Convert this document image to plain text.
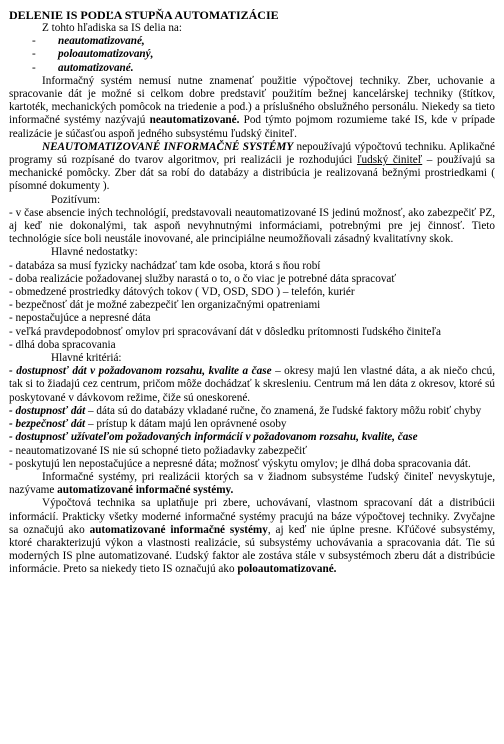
DELENIE IS PODĽA STUPŇA AUTOMATIZÁCIE

Z tohto hľadiska sa IS delia na:

-	neautomatizované,
-	poloautomatizovaný,
-	automatizované.

Informačný systém nemusí nutne znamenať použitie výpočtovej techniky. Zber, uchovanie a spracovanie dát je možné si celkom dobre predstaviť použitím bežnej kancelárskej techniky (štítkov, kartoték, mechanických pomôcok na triedenie a pod.) a príslušného obslužného personálu. Niekedy sa tieto informačné systémy nazývajú neautomatizované. Pod týmto pojmom rozumieme také IS, kde v prípade realizácie je súčasťou aspoň jedného subsystému ľudský činiteľ.

NEAUTOMATIZOVANÉ INFORMAČNÉ SYSTÉMY nepoužívajú výpočtovú techniku. Aplikačné programy sú rozpísané do tvarov algoritmov, pri realizácii je rozhodujúci ľudský činiteľ – používajú sa mechanické pomôcky. Zber dát sa robí do databázy a distribúcia je realizovaná bežnými prostriedkami ( písomné dokumenty ).

Pozitívum:

- v čase absencie iných technológií, predstavovali neautomatizované IS jedinú možnosť, ako zabezpečiť PZ, aj keď nie dokonalými, tak aspoň nevyhnutnými informáciami, potrebnými pre jej činnosť. Tieto technológie síce boli neustále inovované, ale principiálne neumožňovali zásadný kvalitatívny skok.

Hlavné nedostatky:

- databáza sa musí fyzicky nachádzať tam kde osoba, ktorá s ňou robí

- doba realizácie požadovanej služby narastá o to, o čo viac je potrebné dáta spracovať

- obmedzené prostriedky dátových tokov ( VD, OSD, SDO ) – telefón, kuriér

- bezpečnosť dát je možné zabezpečiť len organizačnými opatreniami

- nepostačujúce a nepresné dáta

- veľká pravdepodobnosť omylov pri spracovávaní dát v dôsledku prítomnosti ľudského činiteľa

- dlhá doba spracovania

Hlavné kritériá:

- dostupnosť dát v požadovanom rozsahu, kvalite a čase – okresy majú len vlastné dáta, a ak niečo chcú, tak si to žiadajú cez centrum, pričom môže dochádzať k skresleniu. Centrum má len dáta z okresov, ktoré sú poskytované v dávkovom režime, čiže sú oneskorené.

- dostupnosť dát – dáta sú do databázy vkladané ručne, čo znamená, že ľudské faktory môžu robiť chyby

- bezpečnosť dát – prístup k dátam majú len oprávnené osoby

- dostupnosť užívateľom požadovaných informácií v požadovanom rozsahu, kvalite, čase

- neautomatizované IS nie sú schopné tieto požiadavky zabezpečiť

- poskytujú len nepostačujúce a nepresné dáta; možnosť výskytu omylov; je dlhá doba spracovania dát.

Informačné systémy, pri realizácii ktorých sa v žiadnom subsystéme ľudský činiteľ nevyskytuje, nazývame automatizované informačné systémy.

Výpočtová technika sa uplatňuje pri zbere, uchovávaní, vlastnom spracovaní dát a distribúcii informácií. Prakticky všetky moderné informačné systémy pracujú na báze výpočtovej techniky. Zvyčajne sa označujú ako automatizované informačné systémy, aj keď nie úplne presne. Kľúčové subsystémy, ktoré charakterizujú výkon a vlastnosti realizácie, sú subsystémy uchovávania a spracovania dát. Tie sú moderných IS plne automatizované. Ľudský faktor ale zostáva stále v subsystémoch zberu dát a distribúcie informácie. Preto sa niekedy tieto IS označujú ako poloautomatizované.
